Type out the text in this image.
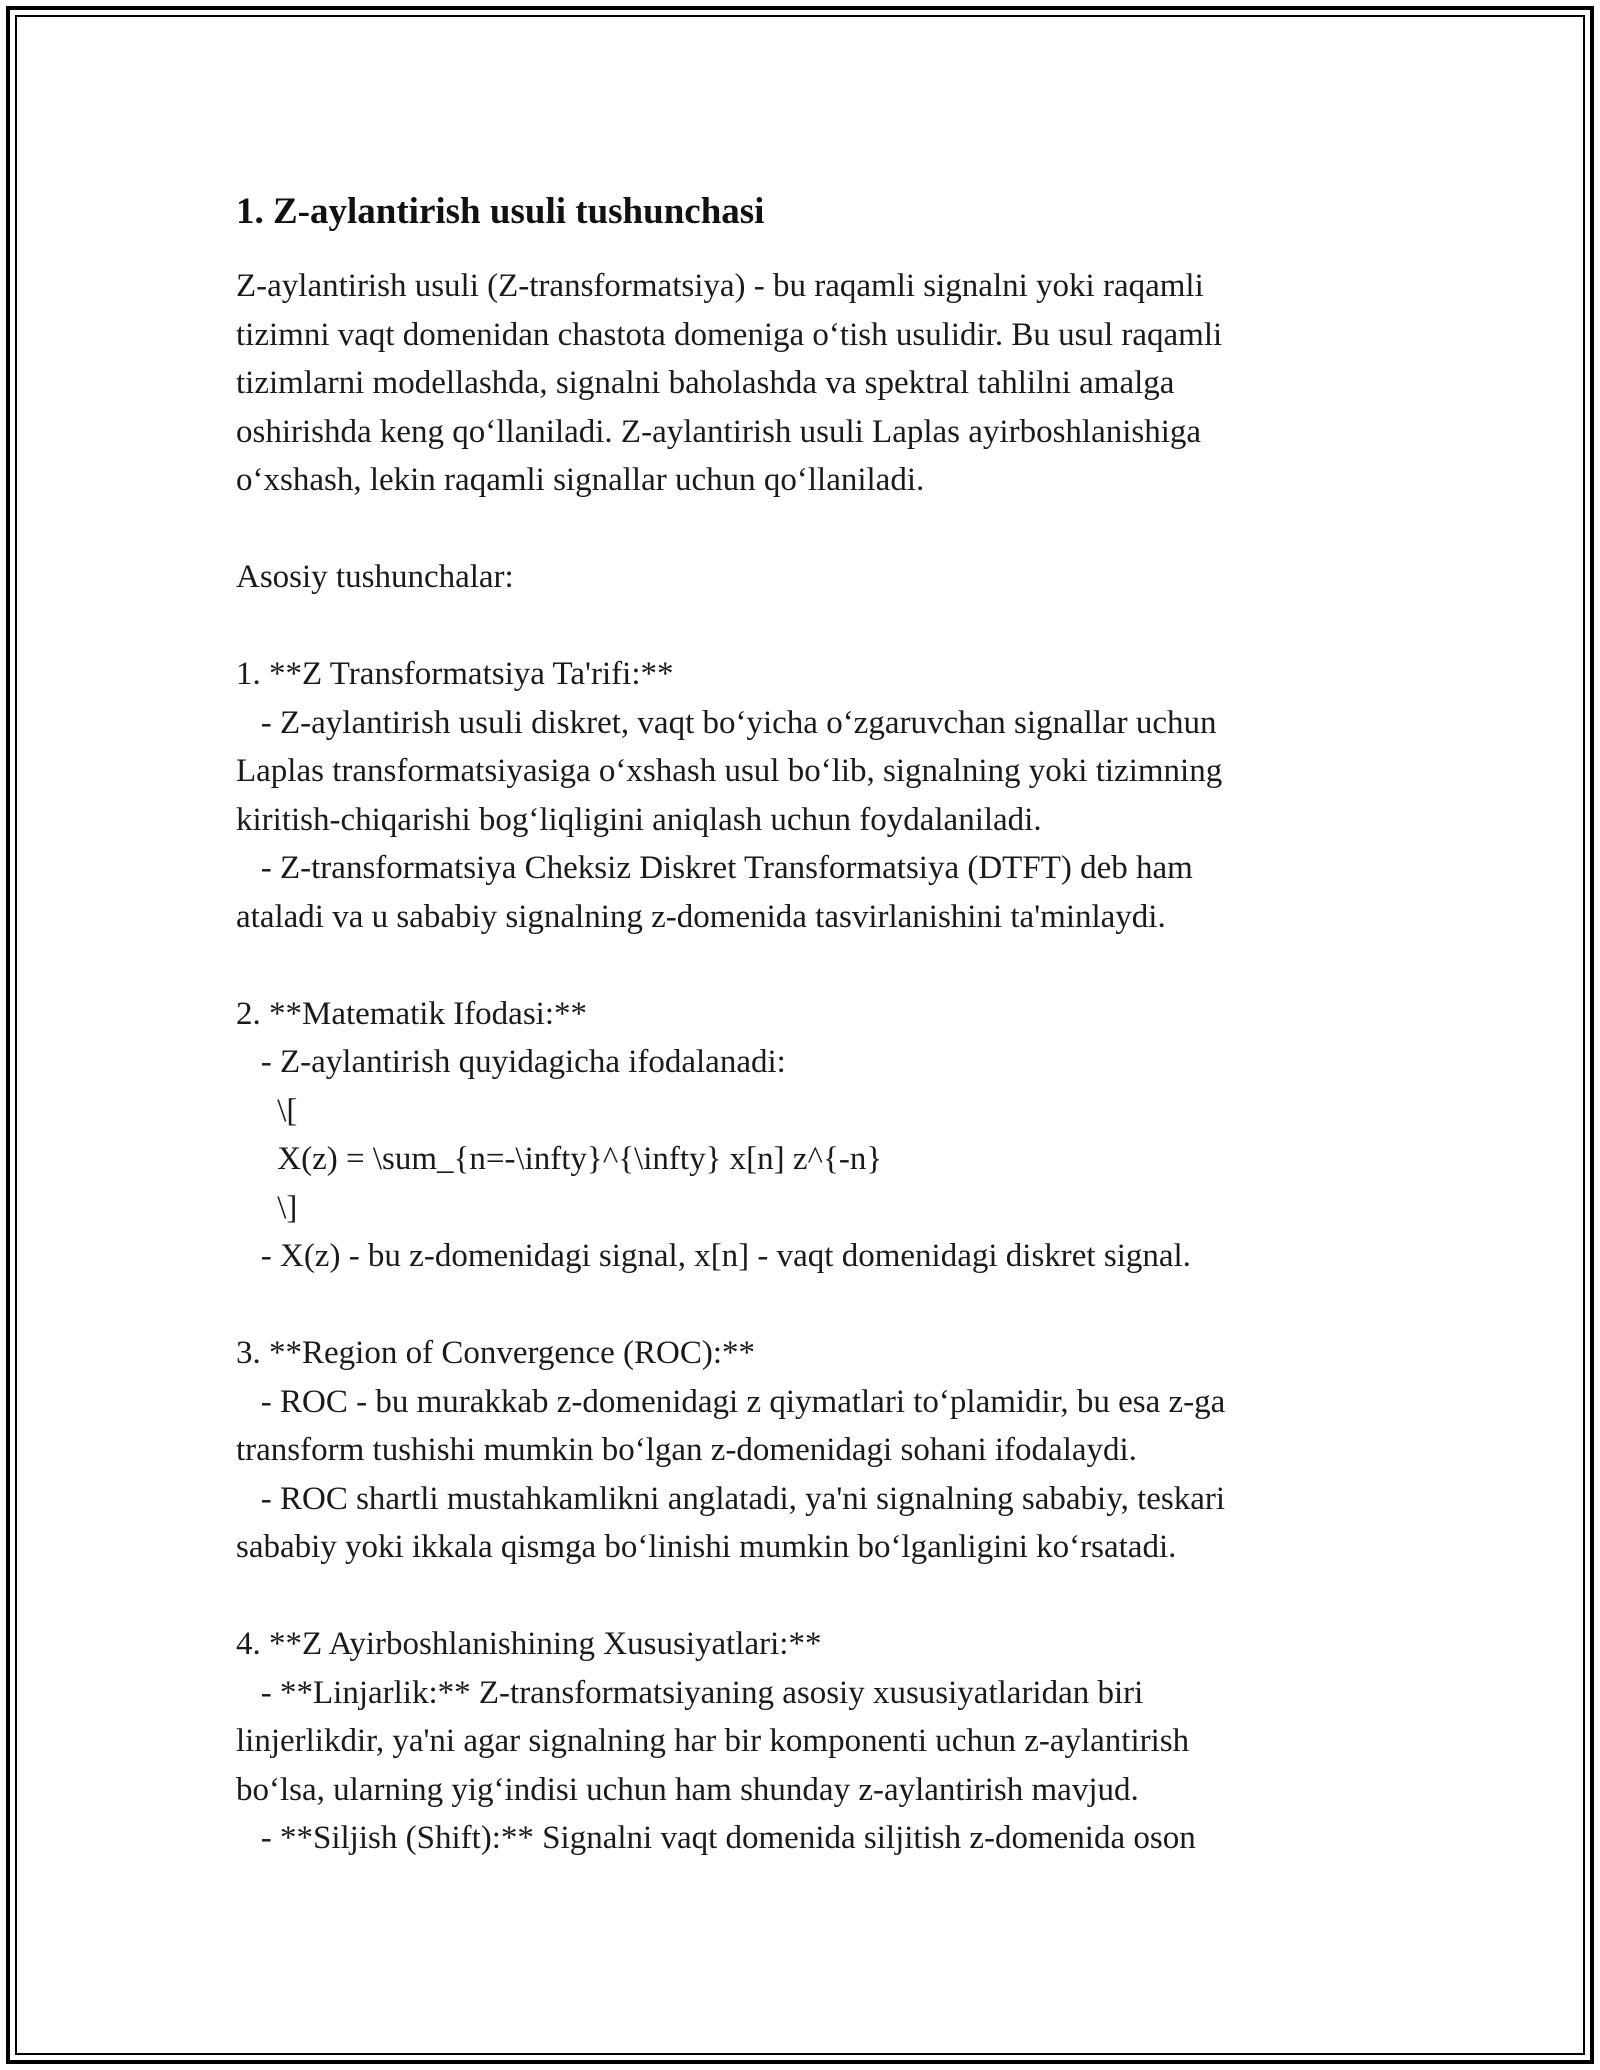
1. Z-aylantirish usuli tushunchasi
Z-aylantirish usuli (Z-transformatsiya) - bu raqamli signalni yoki raqamli
tizimni vaqt domenidan chastota domeniga o‘tish usulidir. Bu usul raqamli
tizimlarni modellashda, signalni baholashda va spektral tahlilni amalga
oshirishda keng qo‘llaniladi. Z-aylantirish usuli Laplas ayirboshlanishiga
o‘xshash, lekin raqamli signallar uchun qo‘llaniladi.
Asosiy tushunchalar:
1. **Z Transformatsiya Ta'rifi:**
- Z-aylantirish usuli diskret, vaqt bo‘yicha o‘zgaruvchan signallar uchun
Laplas transformatsiyasiga o‘xshash usul bo‘lib, signalning yoki tizimning
kiritish-chiqarishi bog‘liqligini aniqlash uchun foydalaniladi.
- Z-transformatsiya Cheksiz Diskret Transformatsiya (DTFT) deb ham
ataladi va u sababiy signalning z-domenida tasvirlanishini ta'minlaydi.
2. **Matematik Ifodasi:**
- Z-aylantirish quyidagicha ifodalanadi:
\[
X(z) = \sum_{n=-\infty}^{\infty} x[n] z^{-n}
\]
- X(z) - bu z-domenidagi signal, x[n] - vaqt domenidagi diskret signal.
3. **Region of Convergence (ROC):**
- ROC - bu murakkab z-domenidagi z qiymatlari to‘plamidir, bu esa z-ga
transform tushishi mumkin bo‘lgan z-domenidagi sohani ifodalaydi.
- ROC shartli mustahkamlikni anglatadi, ya'ni signalning sababiy, teskari
sababiy yoki ikkala qismga bo‘linishi mumkin bo‘lganligini ko‘rsatadi.
4. **Z Ayirboshlanishining Xususiyatlari:**
- **Linjarlik:** Z-transformatsiyaning asosiy xususiyatlaridan biri
linjerlikdir, ya'ni agar signalning har bir komponenti uchun z-aylantirish
bo‘lsa, ularning yig‘indisi uchun ham shunday z-aylantirish mavjud.
- **Siljish (Shift):** Signalni vaqt domenida siljitish z-domenida oson
